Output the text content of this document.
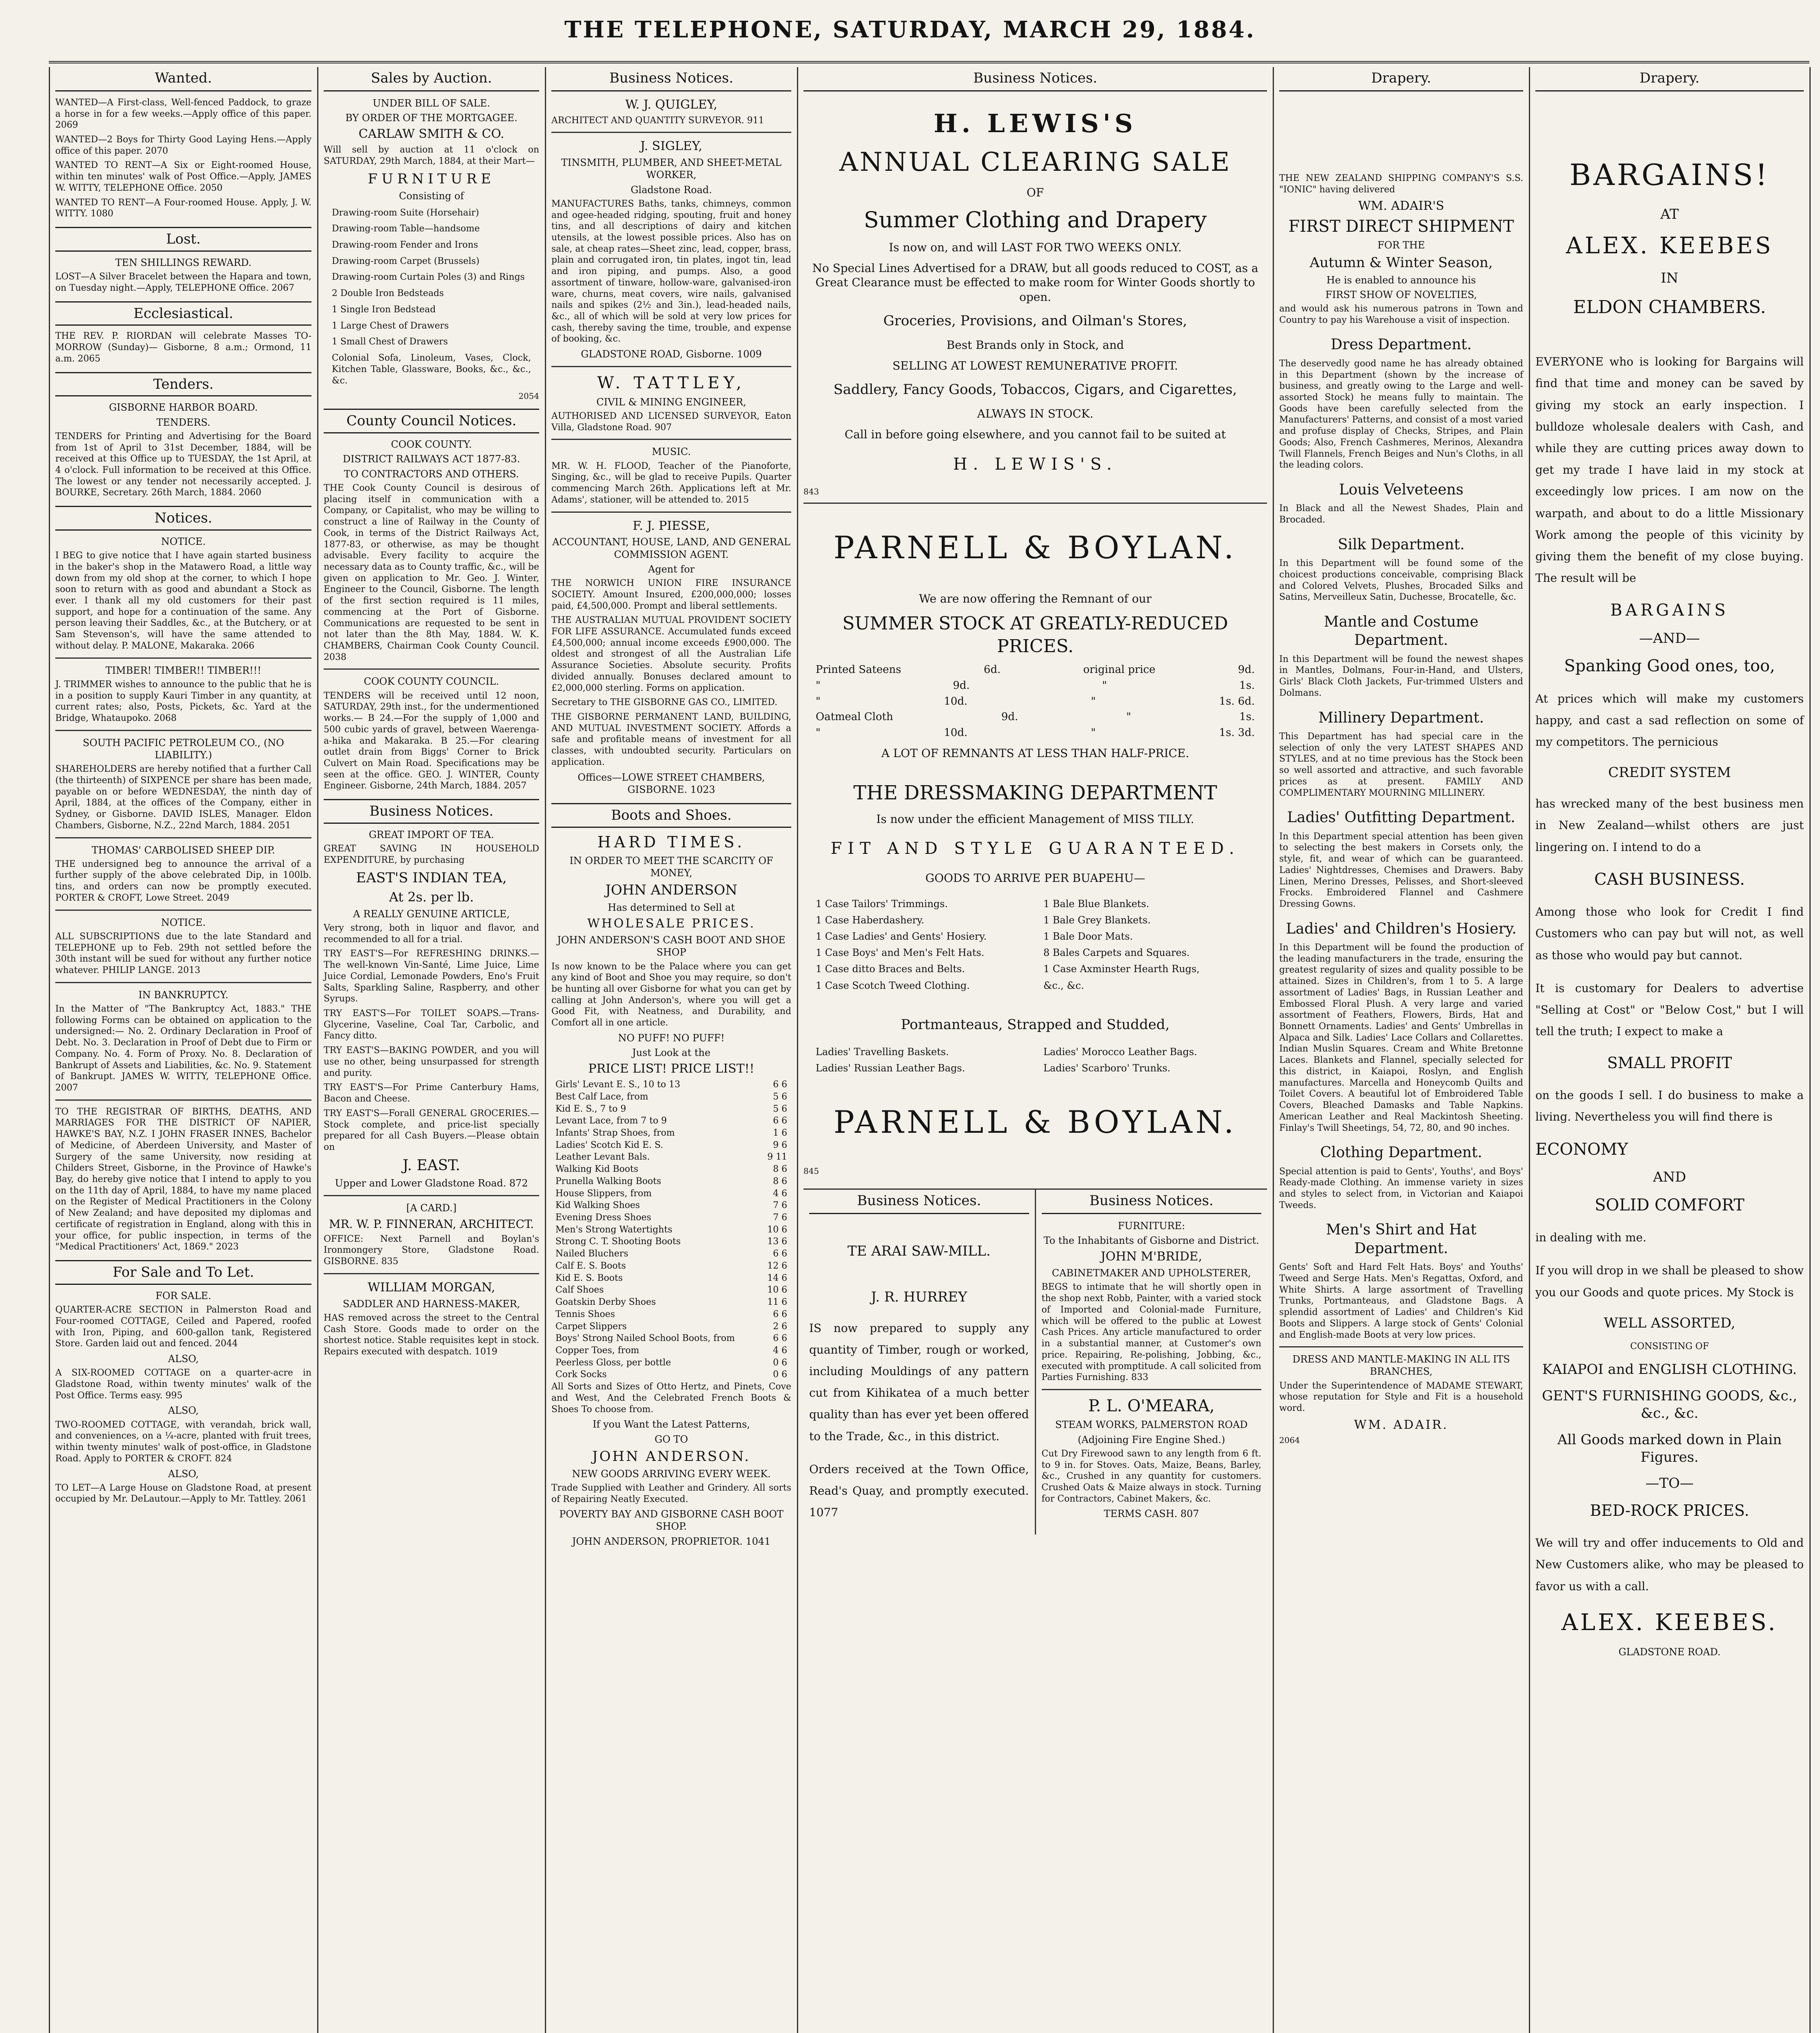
THE TELEPHONE, SATURDAY, MARCH 29, 1884.
Wanted.

WANTED—A First-class, Well-fenced Paddock, to graze a horse in for a few weeks.—Apply office of this paper. 2069

WANTED—2 Boys for Thirty Good Laying Hens.—Apply office of this paper. 2070

WANTED TO RENT—A Six or Eight-roomed House, within ten minutes' walk of Post Office.—Apply, JAMES W. WITTY, TELEPHONE Office. 2050

WANTED TO RENT—A Four-roomed House. Apply, J. W. WITTY. 1080

Lost.
TEN SHILLINGS REWARD.

LOST—A Silver Bracelet between the Hapara and town, on Tuesday night.—Apply, TELEPHONE Office. 2067

Ecclesiastical.

THE REV. P. RIORDAN will celebrate Masses TO-MORROW (Sunday)— Gisborne, 8 a.m.; Ormond, 11 a.m. 2065

Tenders.
GISBORNE HARBOR BOARD.
TENDERS.

TENDERS for Printing and Advertising for the Board from 1st of April to 31st December, 1884, will be received at this Office up to TUESDAY, the 1st April, at 4 o'clock. Full information to be received at this Office. The lowest or any tender not necessarily accepted. J. BOURKE, Secretary. 26th March, 1884. 2060

Notices.
NOTICE.

I BEG to give notice that I have again started business in the baker's shop in the Matawero Road, a little way down from my old shop at the corner, to which I hope soon to return with as good and abundant a Stock as ever. I thank all my old customers for their past support, and hope for a continuation of the same. Any person leaving their Saddles, &c., at the Butchery, or at Sam Stevenson's, will have the same attended to without delay. P. MALONE, Makaraka. 2066

TIMBER! TIMBER!! TIMBER!!!

J. TRIMMER wishes to announce to the public that he is in a position to supply Kauri Timber in any quantity, at current rates; also, Posts, Pickets, &c. Yard at the Bridge, Whataupoko. 2068

SOUTH PACIFIC PETROLEUM CO., (NO LIABILITY.)

SHAREHOLDERS are hereby notified that a further Call (the thirteenth) of SIXPENCE per share has been made, payable on or before WEDNESDAY, the ninth day of April, 1884, at the offices of the Company, either in Sydney, or Gisborne. DAVID ISLES, Manager. Eldon Chambers, Gisborne, N.Z., 22nd March, 1884. 2051

THOMAS' CARBOLISED SHEEP DIP.

THE undersigned beg to announce the arrival of a further supply of the above celebrated Dip, in 100lb. tins, and orders can now be promptly executed. PORTER & CROFT, Lowe Street. 2049

NOTICE.

ALL SUBSCRIPTIONS due to the late Standard and TELEPHONE up to Feb. 29th not settled before the 30th instant will be sued for without any further notice whatever. PHILIP LANGE. 2013

IN BANKRUPTCY.

In the Matter of "The Bankruptcy Act, 1883." THE following Forms can be obtained on application to the undersigned:— No. 2. Ordinary Declaration in Proof of Debt. No. 3. Declaration in Proof of Debt due to Firm or Company. No. 4. Form of Proxy. No. 8. Declaration of Bankrupt of Assets and Liabilities, &c. No. 9. Statement of Bankrupt. JAMES W. WITTY, TELEPHONE Office. 2007

TO THE REGISTRAR OF BIRTHS, DEATHS, AND MARRIAGES FOR THE DISTRICT OF NAPIER, HAWKE'S BAY, N.Z. I JOHN FRASER INNES, Bachelor of Medicine, of Aberdeen University, and Master of Surgery of the same University, now residing at Childers Street, Gisborne, in the Province of Hawke's Bay, do hereby give notice that I intend to apply to you on the 11th day of April, 1884, to have my name placed on the Register of Medical Practitioners in the Colony of New Zealand; and have deposited my diplomas and certificate of registration in England, along with this in your office, for public inspection, in terms of the "Medical Practitioners' Act, 1869." 2023

For Sale and To Let.
FOR SALE.

QUARTER-ACRE SECTION in Palmerston Road and Four-roomed COTTAGE, Ceiled and Papered, roofed with Iron, Piping, and 600-gallon tank, Registered Store. Garden laid out and fenced. 2044

ALSO,

A SIX-ROOMED COTTAGE on a quarter-acre in Gladstone Road, within twenty minutes' walk of the Post Office. Terms easy. 995

ALSO,

TWO-ROOMED COTTAGE, with verandah, brick wall, and conveniences, on a ¼-acre, planted with fruit trees, within twenty minutes' walk of post-office, in Gladstone Road. Apply to PORTER & CROFT. 824

ALSO,

TO LET—A Large House on Gladstone Road, at present occupied by Mr. DeLautour.—Apply to Mr. Tattley. 2061

Sales by Auction.
UNDER BILL OF SALE.
BY ORDER OF THE MORTGAGEE.
CARLAW SMITH & CO.

Will sell by auction at 11 o'clock on SATURDAY, 29th March, 1884, at their Mart—

FURNITURE
Consisting of

Drawing-room Suite (Horsehair)

Drawing-room Table—handsome

Drawing-room Fender and Irons

Drawing-room Carpet (Brussels)

Drawing-room Curtain Poles (3) and Rings

2 Double Iron Bedsteads

1 Single Iron Bedstead

1 Large Chest of Drawers

1 Small Chest of Drawers

Colonial Sofa, Linoleum, Vases, Clock, Kitchen Table, Glassware, Books, &c., &c., &c.

2054
County Council Notices.
COOK COUNTY.
DISTRICT RAILWAYS ACT 1877-83.
TO CONTRACTORS AND OTHERS.

THE Cook County Council is desirous of placing itself in communication with a Company, or Capitalist, who may be willing to construct a line of Railway in the County of Cook, in terms of the District Railways Act, 1877-83, or otherwise, as may be thought advisable. Every facility to acquire the necessary data as to County traffic, &c., will be given on application to Mr. Geo. J. Winter, Engineer to the Council, Gisborne. The length of the first section required is 11 miles, commencing at the Port of Gisborne. Communications are requested to be sent in not later than the 8th May, 1884. W. K. CHAMBERS, Chairman Cook County Council. 2038

COOK COUNTY COUNCIL.

TENDERS will be received until 12 noon, SATURDAY, 29th inst., for the undermentioned works.— B 24.—For the supply of 1,000 and 500 cubic yards of gravel, between Waerenga-a-hika and Makaraka. B 25.—For clearing outlet drain from Biggs' Corner to Brick Culvert on Main Road. Specifications may be seen at the office. GEO. J. WINTER, County Engineer. Gisborne, 24th March, 1884. 2057

Business Notices.
GREAT IMPORT OF TEA.

GREAT SAVING IN HOUSEHOLD EXPENDITURE, by purchasing

EAST'S INDIAN TEA,
At 2s. per lb.
A REALLY GENUINE ARTICLE,

Very strong, both in liquor and flavor, and recommended to all for a trial.

TRY EAST'S—For REFRESHING DRINKS.—The well-known Vin-Santé, Lime Juice, Lime Juice Cordial, Lemonade Powders, Eno's Fruit Salts, Sparkling Saline, Raspberry, and other Syrups.

TRY EAST'S—For TOILET SOAPS.—Trans-Glycerine, Vaseline, Coal Tar, Carbolic, and Fancy ditto.

TRY EAST'S—BAKING POWDER, and you will use no other, being unsurpassed for strength and purity.

TRY EAST'S—For Prime Canterbury Hams, Bacon and Cheese.

TRY EAST'S—Forall GENERAL GROCERIES.—Stock complete, and price-list specially prepared for all Cash Buyers.—Please obtain on

J. EAST.
Upper and Lower Gladstone Road. 872
[A CARD.]
MR. W. P. FINNERAN, ARCHITECT.

OFFICE: Next Parnell and Boylan's Ironmongery Store, Gladstone Road. GISBORNE. 835

WILLIAM MORGAN,
SADDLER AND HARNESS-MAKER,

HAS removed across the street to the Central Cash Store. Goods made to order on the shortest notice. Stable requisites kept in stock. Repairs executed with despatch. 1019

Business Notices.
W. J. QUIGLEY,

ARCHITECT AND QUANTITY SURVEYOR. 911

J. SIGLEY,
TINSMITH, PLUMBER, AND SHEET-METAL WORKER,
Gladstone Road.

MANUFACTURES Baths, tanks, chimneys, common and ogee-headed ridging, spouting, fruit and honey tins, and all descriptions of dairy and kitchen utensils, at the lowest possible prices. Also has on sale, at cheap rates—Sheet zinc, lead, copper, brass, plain and corrugated iron, tin plates, ingot tin, lead and iron piping, and pumps. Also, a good assortment of tinware, hollow-ware, galvanised-iron ware, churns, meat covers, wire nails, galvanised nails and spikes (2½ and 3in.), lead-headed nails, &c., all of which will be sold at very low prices for cash, thereby saving the time, trouble, and expense of booking, &c.

GLADSTONE ROAD, Gisborne. 1009
W. TATTLEY,
CIVIL & MINING ENGINEER,

AUTHORISED AND LICENSED SURVEYOR, Eaton Villa, Gladstone Road. 907

MUSIC.

MR. W. H. FLOOD, Teacher of the Pianoforte, Singing, &c., will be glad to receive Pupils. Quarter commencing March 26th. Applications left at Mr. Adams', stationer, will be attended to. 2015

F. J. PIESSE,
ACCOUNTANT, HOUSE, LAND, AND GENERAL COMMISSION AGENT.
Agent for

THE NORWICH UNION FIRE INSURANCE SOCIETY. Amount Insured, £200,000,000; losses paid, £4,500,000. Prompt and liberal settlements.

THE AUSTRALIAN MUTUAL PROVIDENT SOCIETY FOR LIFE ASSURANCE. Accumulated funds exceed £4,500,000; annual income exceeds £900,000. The oldest and strongest of all the Australian Life Assurance Societies. Absolute security. Profits divided annually. Bonuses declared amount to £2,000,000 sterling. Forms on application.

Secretary to THE GISBORNE GAS CO., LIMITED.

THE GISBORNE PERMANENT LAND, BUILDING, AND MUTUAL INVESTMENT SOCIETY. Affords a safe and profitable means of investment for all classes, with undoubted security. Particulars on application.

Offices—LOWE STREET CHAMBERS, GISBORNE. 1023
Boots and Shoes.
HARD TIMES.
IN ORDER TO MEET THE SCARCITY OF MONEY,
JOHN ANDERSON
Has determined to Sell at
WHOLESALE PRICES.
JOHN ANDERSON'S CASH BOOT AND SHOE SHOP

Is now known to be the Palace where you can get any kind of Boot and Shoe you may require, so don't be hunting all over Gisborne for what you can get by calling at John Anderson's, where you will get a Good Fit, with Neatness, and Durability, and Comfort all in one article.

NO PUFF! NO PUFF!
Just Look at the
PRICE LIST! PRICE LIST!!
Girls' Levant E. S., 10 to 13	6 6
Best Calf Lace, from	5 6
Kid E. S., 7 to 9	5 6
Levant Lace, from 7 to 9	6 6
Infants' Strap Shoes, from	1 6
Ladies' Scotch Kid E. S.	9 6
Leather Levant Bals.	9 11
Walking Kid Boots	8 6
Prunella Walking Boots	8 6
House Slippers, from	4 6
Kid Walking Shoes	7 6
Evening Dress Shoes	7 6
Men's Strong Watertights	10 6
Strong C. T. Shooting Boots	13 6
Nailed Bluchers	6 6
Calf E. S. Boots	12 6
Kid E. S. Boots	14 6
Calf Shoes	10 6
Goatskin Derby Shoes	11 6
Tennis Shoes	6 6
Carpet Slippers	2 6
Boys' Strong Nailed School Boots, from	6 6
Copper Toes, from	4 6
Peerless Gloss, per bottle	0 6
Cork Socks	0 6

All Sorts and Sizes of Otto Hertz, and Pinets, Cove and West, And the Celebrated French Boots & Shoes To choose from.

If you Want the Latest Patterns,
GO TO
JOHN ANDERSON.
NEW GOODS ARRIVING EVERY WEEK.

Trade Supplied with Leather and Grindery. All sorts of Repairing Neatly Executed.

POVERTY BAY AND GISBORNE CASH BOOT SHOP.
JOHN ANDERSON, PROPRIETOR. 1041
Business Notices.
H. LEWIS'S
ANNUAL CLEARING SALE
OF
Summer Clothing and Drapery
Is now on, and will LAST FOR TWO WEEKS ONLY.
No Special Lines Advertised for a DRAW, but all goods reduced to COST, as a Great Clearance must be effected to make room for Winter Goods shortly to open.
Groceries, Provisions, and Oilman's Stores,
Best Brands only in Stock, and
SELLING AT LOWEST REMUNERATIVE PROFIT.
Saddlery, Fancy Goods, Tobaccos, Cigars, and Cigarettes,
ALWAYS IN STOCK.
Call in before going elsewhere, and you cannot fail to be suited at
H. LEWIS'S.
843
PARNELL & BOYLAN.
We are now offering the Remnant of our
SUMMER STOCK AT GREATLY-REDUCED PRICES.
Printed Sateens	6d.	original price	9d.
"	9d.	"	1s.
"	10d.	"	1s. 6d.
Oatmeal Cloth	9d.	"	1s.
"	10d.	"	1s. 3d.
A LOT OF REMNANTS AT LESS THAN HALF-PRICE.
THE DRESSMAKING DEPARTMENT
Is now under the efficient Management of MISS TILLY.
FIT AND STYLE GUARANTEED.
GOODS TO ARRIVE PER BUAPEHU—
1 Case Tailors' Trimmings.
1 Case Haberdashery.
1 Case Ladies' and Gents' Hosiery.
1 Case Boys' and Men's Felt Hats.
1 Case ditto Braces and Belts.
1 Case Scotch Tweed Clothing.
1 Bale Blue Blankets.
1 Bale Grey Blankets.
1 Bale Door Mats.
8 Bales Carpets and Squares.
1 Case Axminster Hearth Rugs,
&c., &c.
Portmanteaus, Strapped and Studded,
Ladies' Travelling Baskets.
Ladies' Russian Leather Bags.
Ladies' Morocco Leather Bags.
Ladies' Scarboro' Trunks.
PARNELL & BOYLAN.
845
Business Notices.
TE ARAI SAW-MILL.
J. R. HURREY

IS now prepared to supply any quantity of Timber, rough or worked, including Mouldings of any pattern cut from Kihikatea of a much better quality than has ever yet been offered to the Trade, &c., in this district.

Orders received at the Town Office, Read's Quay, and promptly executed. 1077

Business Notices.
FURNITURE:
To the Inhabitants of Gisborne and District.
JOHN M'BRIDE,
CABINETMAKER AND UPHOLSTERER,

BEGS to intimate that he will shortly open in the shop next Robb, Painter, with a varied stock of Imported and Colonial-made Furniture, which will be offered to the public at Lowest Cash Prices. Any article manufactured to order in a substantial manner, at Customer's own price. Repairing, Re-polishing, Jobbing, &c., executed with promptitude. A call solicited from Parties Furnishing. 833

P. L. O'MEARA,
STEAM WORKS, PALMERSTON ROAD
(Adjoining Fire Engine Shed.)

Cut Dry Firewood sawn to any length from 6 ft. to 9 in. for Stoves. Oats, Maize, Beans, Barley, &c., Crushed in any quantity for customers. Crushed Oats & Maize always in stock. Turning for Contractors, Cabinet Makers, &c.

TERMS CASH. 807
Drapery.

THE NEW ZEALAND SHIPPING COMPANY'S S.S. "IONIC" having delivered

WM. ADAIR'S
FIRST DIRECT SHIPMENT
FOR THE
Autumn & Winter Season,
He is enabled to announce his
FIRST SHOW OF NOVELTIES,

and would ask his numerous patrons in Town and Country to pay his Warehouse a visit of inspection.

Dress Department.

The deservedly good name he has already obtained in this Department (shown by the increase of business, and greatly owing to the Large and well-assorted Stock) he means fully to maintain. The Goods have been carefully selected from the Manufacturers' Patterns, and consist of a most varied and profuse display of Checks, Stripes, and Plain Goods; Also, French Cashmeres, Merinos, Alexandra Twill Flannels, French Beiges and Nun's Cloths, in all the leading colors.

Louis Velveteens

In Black and all the Newest Shades, Plain and Brocaded.

Silk Department.

In this Department will be found some of the choicest productions conceivable, comprising Black and Colored Velvets, Plushes, Brocaded Silks and Satins, Merveilleux Satin, Duchesse, Brocatelle, &c.

Mantle and Costume Department.

In this Department will be found the newest shapes in Mantles, Dolmans, Four-in-Hand, and Ulsters, Girls' Black Cloth Jackets, Fur-trimmed Ulsters and Dolmans.

Millinery Department.

This Department has had special care in the selection of only the very LATEST SHAPES AND STYLES, and at no time previous has the Stock been so well assorted and attractive, and such favorable prices as at present. FAMILY AND COMPLIMENTARY MOURNING MILLINERY.

Ladies' Outfitting Department.

In this Department special attention has been given to selecting the best makers in Corsets only, the style, fit, and wear of which can be guaranteed. Ladies' Nightdresses, Chemises and Drawers. Baby Linen, Merino Dresses, Pelisses, and Short-sleeved Frocks. Embroidered Flannel and Cashmere Dressing Gowns.

Ladies' and Children's Hosiery.

In this Department will be found the production of the leading manufacturers in the trade, ensuring the greatest regularity of sizes and quality possible to be attained. Sizes in Children's, from 1 to 5. A large assortment of Ladies' Bags, in Russian Leather and Embossed Floral Plush. A very large and varied assortment of Feathers, Flowers, Birds, Hat and Bonnett Ornaments. Ladies' and Gents' Umbrellas in Alpaca and Silk. Ladies' Lace Collars and Collarettes. Indian Muslin Squares. Cream and White Bretonne Laces. Blankets and Flannel, specially selected for this district, in Kaiapoi, Roslyn, and English manufactures. Marcella and Honeycomb Quilts and Toilet Covers. A beautiful lot of Embroidered Table Covers, Bleached Damasks and Table Napkins. American Leather and Real Mackintosh Sheeting. Finlay's Twill Sheetings, 54, 72, 80, and 90 inches.

Clothing Department.

Special attention is paid to Gents', Youths', and Boys' Ready-made Clothing. An immense variety in sizes and styles to select from, in Victorian and Kaiapoi Tweeds.

Men's Shirt and Hat Department.

Gents' Soft and Hard Felt Hats. Boys' and Youths' Tweed and Serge Hats. Men's Regattas, Oxford, and White Shirts. A large assortment of Travelling Trunks, Portmanteaus, and Gladstone Bags. A splendid assortment of Ladies' and Children's Kid Boots and Slippers. A large stock of Gents' Colonial and English-made Boots at very low prices.

DRESS AND MANTLE-MAKING IN ALL ITS BRANCHES,

Under the Superintendence of MADAME STEWART, whose reputation for Style and Fit is a household word.

WM. ADAIR.
2064
Drapery.
BARGAINS!
AT
ALEX. KEEBES
IN
ELDON CHAMBERS.

EVERYONE who is looking for Bargains will find that time and money can be saved by giving my stock an early inspection. I bulldoze wholesale dealers with Cash, and while they are cutting prices away down to get my trade I have laid in my stock at exceedingly low prices. I am now on the warpath, and about to do a little Missionary Work among the people of this vicinity by giving them the benefit of my close buying. The result will be

BARGAINS
—AND—
Spanking Good ones, too,

At prices which will make my customers happy, and cast a sad reflection on some of my competitors. The pernicious

CREDIT SYSTEM

has wrecked many of the best business men in New Zealand—whilst others are just lingering on. I intend to do a

CASH BUSINESS.

Among those who look for Credit I find Customers who can pay but will not, as well as those who would pay but cannot.

It is customary for Dealers to advertise "Selling at Cost" or "Below Cost," but I will tell the truth; I expect to make a

SMALL PROFIT

on the goods I sell. I do business to make a living. Nevertheless you will find there is

ECONOMY
AND
SOLID COMFORT

in dealing with me.

If you will drop in we shall be pleased to show you our Goods and quote prices. My Stock is

WELL ASSORTED,
CONSISTING OF
KAIAPOI and ENGLISH CLOTHING.
GENT'S FURNISHING GOODS, &c., &c., &c.
All Goods marked down in Plain Figures.
—TO—
BED-ROCK PRICES.

We will try and offer inducements to Old and New Customers alike, who may be pleased to favor us with a call.

ALEX. KEEBES.
GLADSTONE ROAD.
